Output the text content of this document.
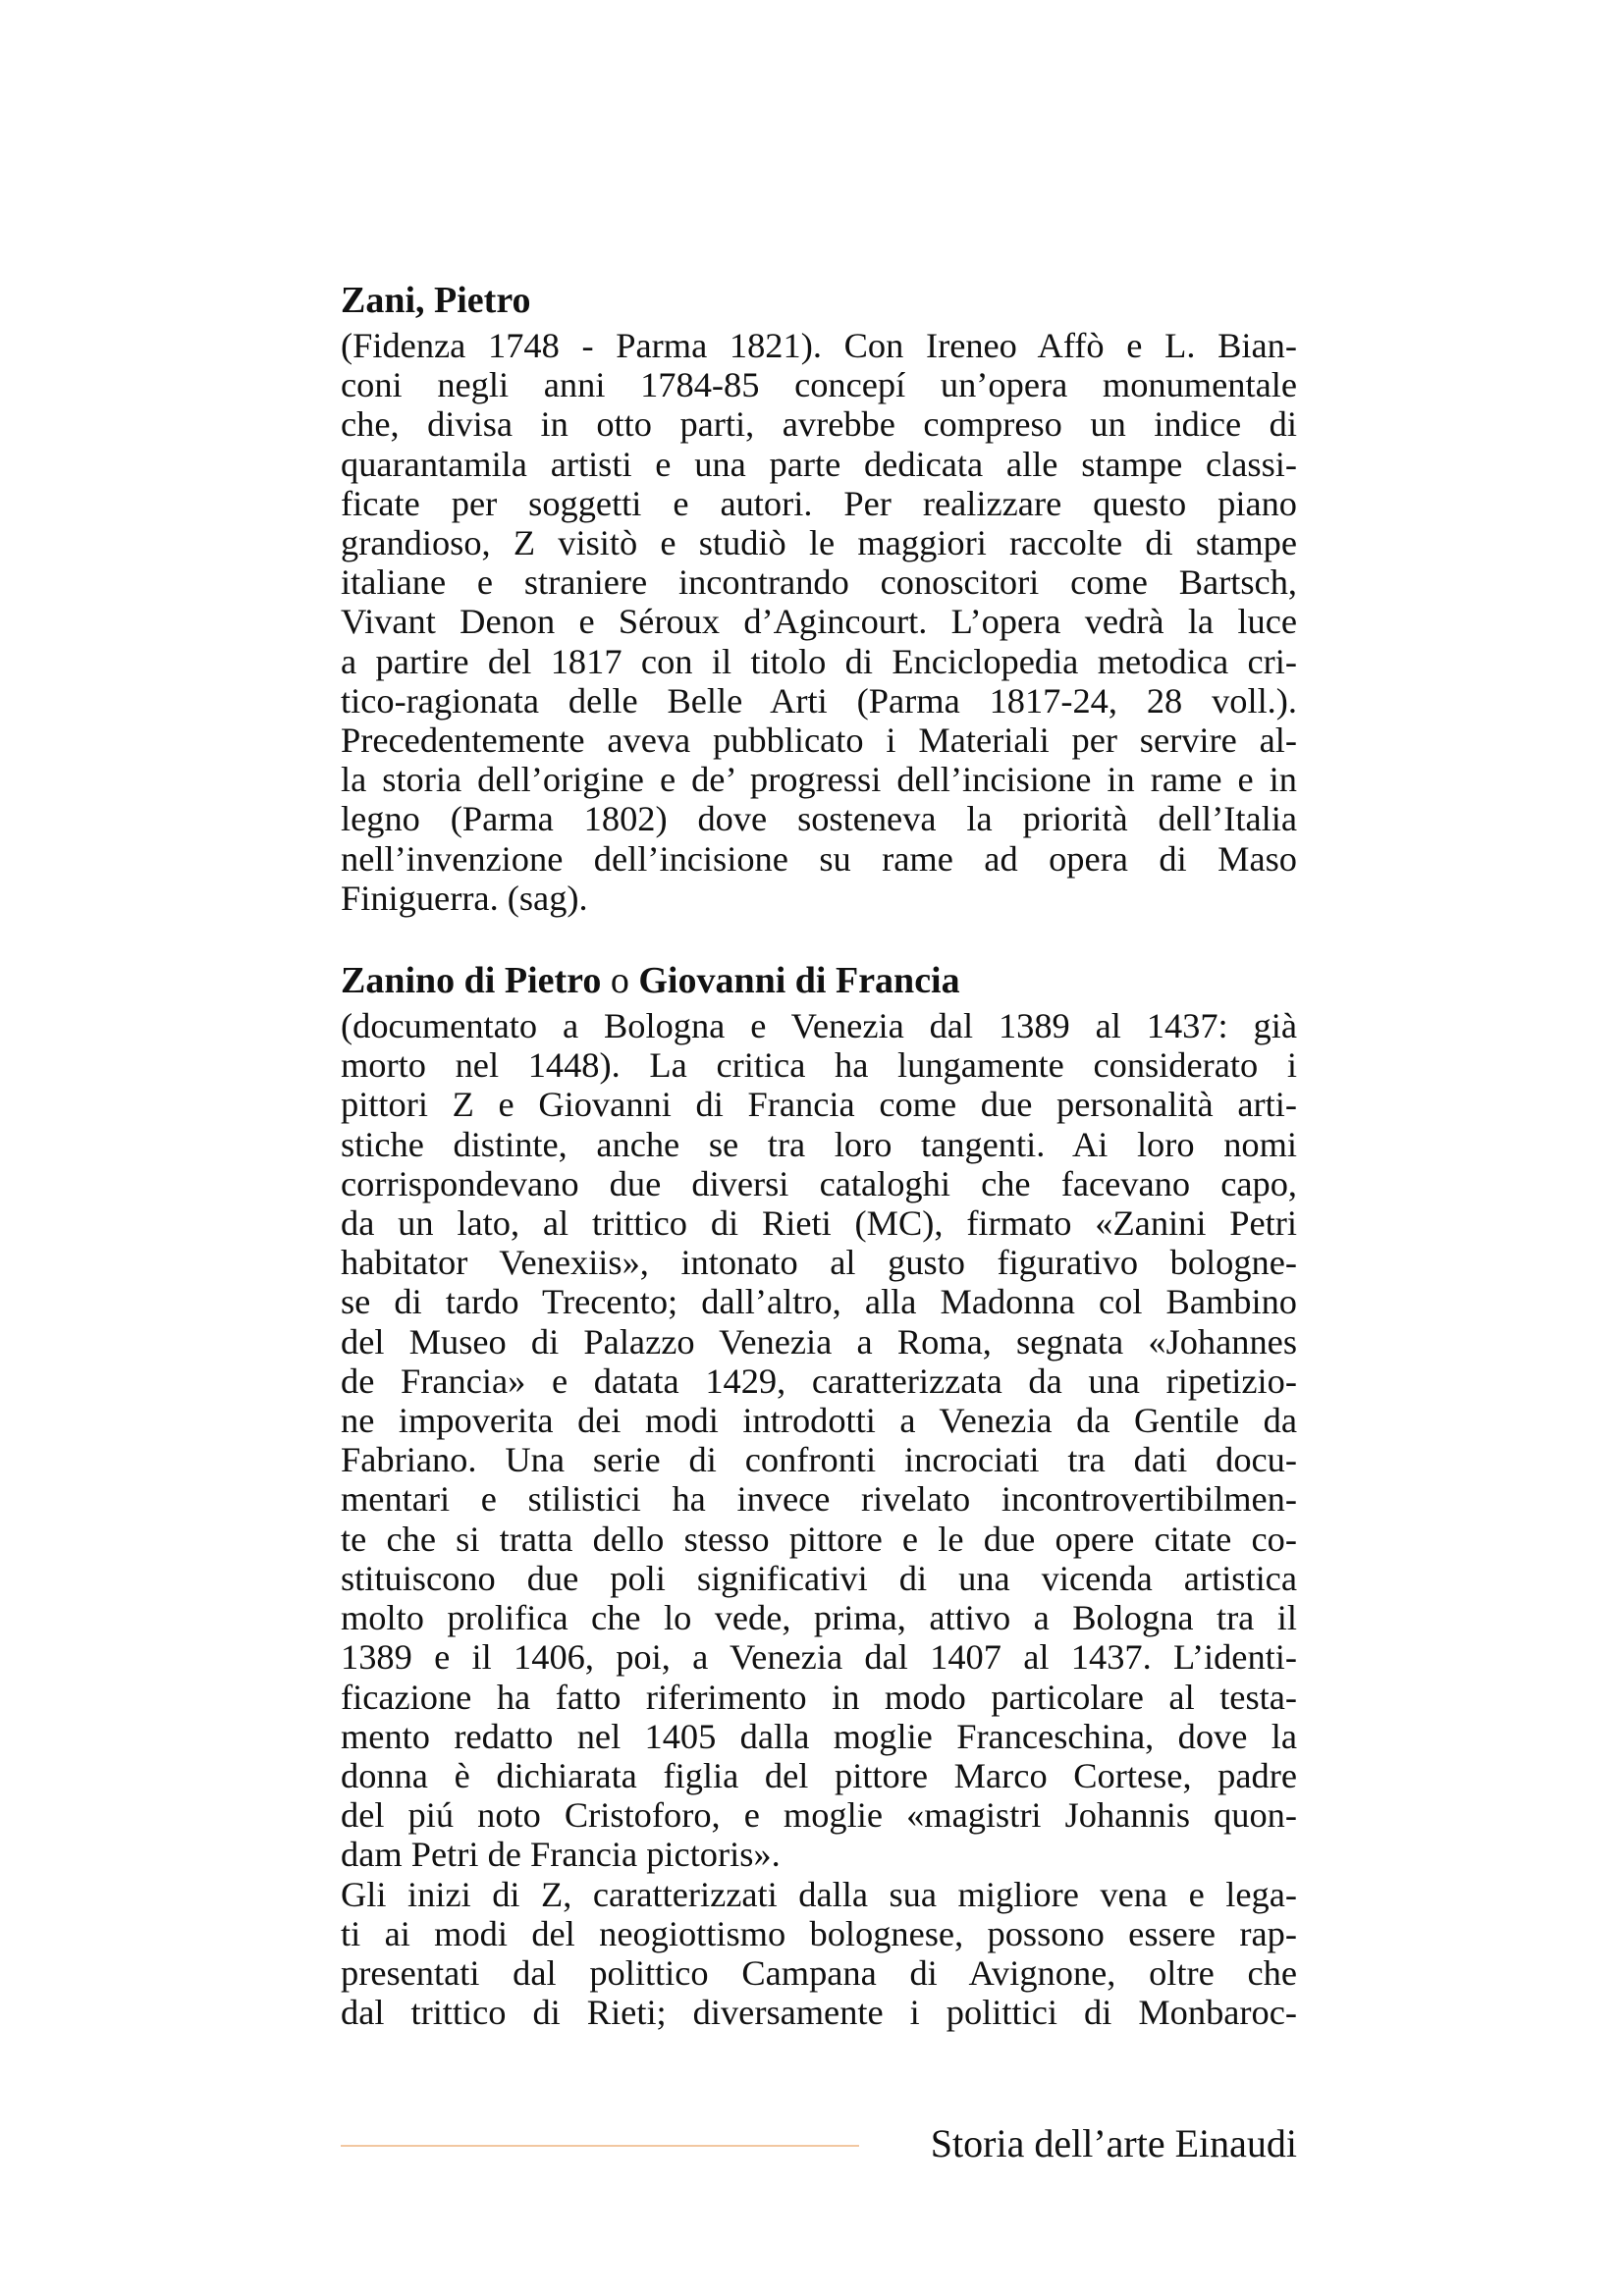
Zani, Pietro

(Fidenza 1748 - Parma 1821). Con Ireneo Affò e L. Bian-
coni negli anni 1784-85 concepí un’opera monumentale
che, divisa in otto parti, avrebbe compreso un indice di
quarantamila artisti e una parte dedicata alle stampe classi-
ficate per soggetti e autori. Per realizzare questo piano
grandioso, Z visitò e studiò le maggiori raccolte di stampe
italiane e straniere incontrando conoscitori come Bartsch,
Vivant Denon e Séroux d’Agincourt. L’opera vedrà la luce
a partire del 1817 con il titolo di Enciclopedia metodica cri-
tico-ragionata delle Belle Arti (Parma 1817-24, 28 voll.).
Precedentemente aveva pubblicato i Materiali per servire al-
la storia dell’origine e de’ progressi dell’incisione in rame e in
legno (Parma 1802) dove sosteneva la priorità dell’Italia
nell’invenzione dell’incisione su rame ad opera di Maso
Finiguerra. (sag).

Zanino di Pietro o Giovanni di Francia

(documentato a Bologna e Venezia dal 1389 al 1437: già
morto nel 1448). La critica ha lungamente considerato i
pittori Z e Giovanni di Francia come due personalità arti-
stiche distinte, anche se tra loro tangenti. Ai loro nomi
corrispondevano due diversi cataloghi che facevano capo,
da un lato, al trittico di Rieti (MC), firmato «Zanini Petri
habitator Venexiis», intonato al gusto figurativo bologne-
se di tardo Trecento; dall’altro, alla Madonna col Bambino
del Museo di Palazzo Venezia a Roma, segnata «Johannes
de Francia» e datata 1429, caratterizzata da una ripetizio-
ne impoverita dei modi introdotti a Venezia da Gentile da
Fabriano. Una serie di confronti incrociati tra dati docu-
mentari e stilistici ha invece rivelato incontrovertibilmen-
te che si tratta dello stesso pittore e le due opere citate co-
stituiscono due poli significativi di una vicenda artistica
molto prolifica che lo vede, prima, attivo a Bologna tra il
1389 e il 1406, poi, a Venezia dal 1407 al 1437. L’identi-
ficazione ha fatto riferimento in modo particolare al testa-
mento redatto nel 1405 dalla moglie Franceschina, dove la
donna è dichiarata figlia del pittore Marco Cortese, padre
del piú noto Cristoforo, e moglie «magistri Johannis quon-
dam Petri de Francia pictoris».
Gli inizi di Z, caratterizzati dalla sua migliore vena e lega-
ti ai modi del neogiottismo bolognese, possono essere rap-
presentati dal polittico Campana di Avignone, oltre che
dal trittico di Rieti; diversamente i polittici di Monbaroc-

Storia dell’arte Einaudi
